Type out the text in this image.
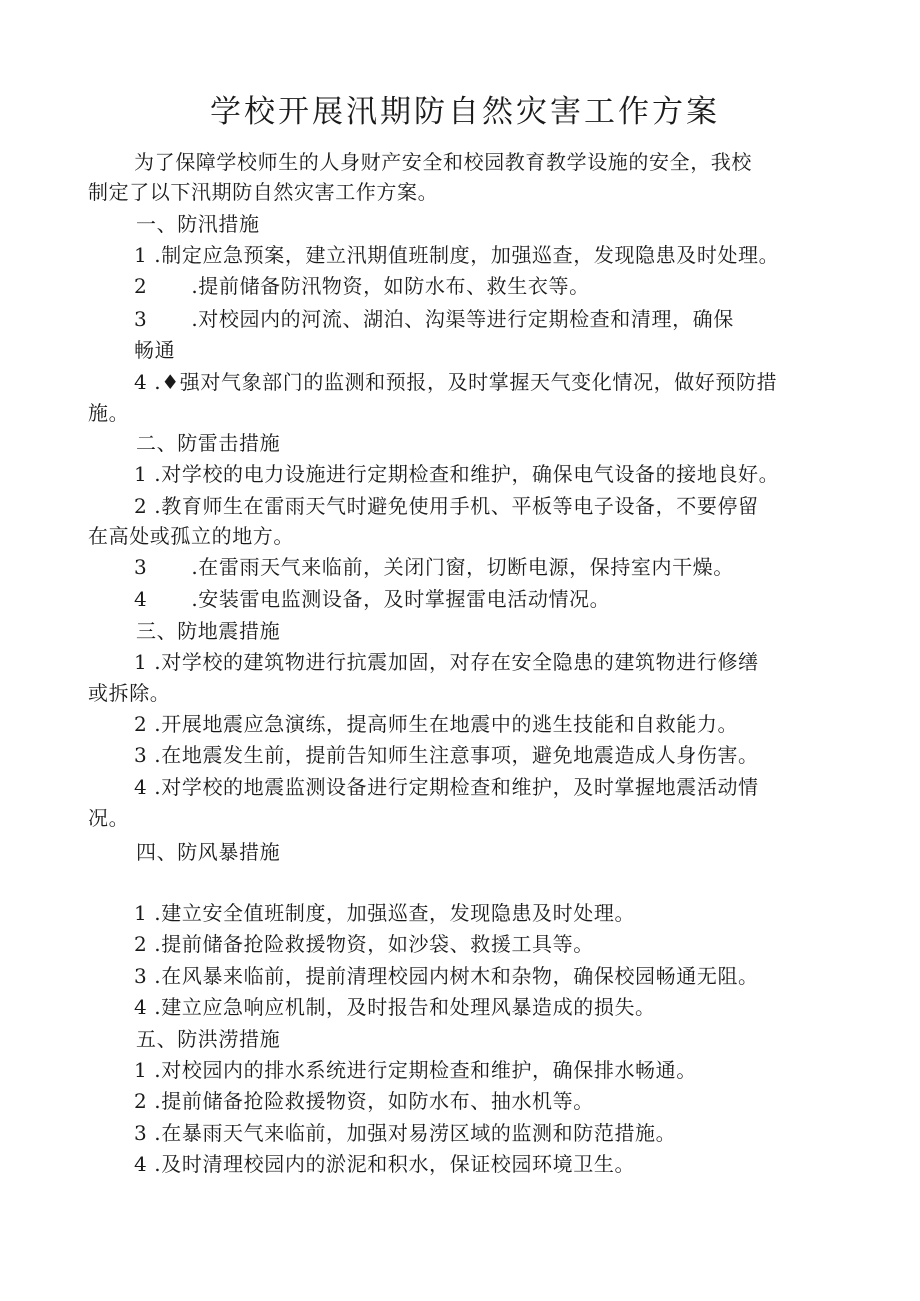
学校开展汛期防自然灾害工作方案
为了保障学校师生的人身财产安全和校园教育教学设施的安全，我校
制定了以下汛期防自然灾害工作方案。
一、防汛措施
1 .制定应急预案，建立汛期值班制度，加强巡查，发现隐患及时处理。
2 .提前储备防汛物资，如防水布、救生衣等。
3 .对校园内的河流、湖泊、沟渠等进行定期检查和清理，确保
畅通
4 .♦强对气象部门的监测和预报，及时掌握天气变化情况，做好预防措
施。
二、防雷击措施
1 .对学校的电力设施进行定期检查和维护，确保电气设备的接地良好。
2 .教育师生在雷雨天气时避免使用手机、平板等电子设备，不要停留
在高处或孤立的地方。
3 .在雷雨天气来临前，关闭门窗，切断电源，保持室内干燥。
4 .安装雷电监测设备，及时掌握雷电活动情况。
三、防地震措施
1 .对学校的建筑物进行抗震加固，对存在安全隐患的建筑物进行修缮
或拆除。
2 .开展地震应急演练，提高师生在地震中的逃生技能和自救能力。
3 .在地震发生前，提前告知师生注意事项，避免地震造成人身伤害。
4 .对学校的地震监测设备进行定期检查和维护，及时掌握地震活动情
况。
四、防风暴措施
1 .建立安全值班制度，加强巡查，发现隐患及时处理。
2 .提前储备抢险救援物资，如沙袋、救援工具等。
3 .在风暴来临前，提前清理校园内树木和杂物，确保校园畅通无阻。
4 .建立应急响应机制，及时报告和处理风暴造成的损失。
五、防洪涝措施
1 .对校园内的排水系统进行定期检查和维护，确保排水畅通。
2 .提前储备抢险救援物资，如防水布、抽水机等。
3 .在暴雨天气来临前，加强对易涝区域的监测和防范措施。
4 .及时清理校园内的淤泥和积水，保证校园环境卫生。
